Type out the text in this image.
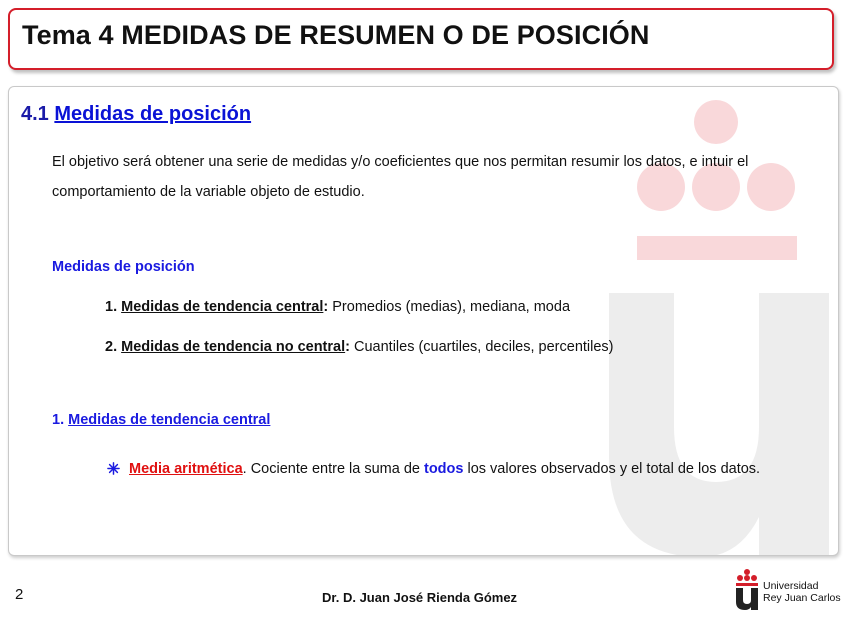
Tema 4 MEDIDAS DE RESUMEN O DE POSICIÓN
4.1 Medidas de posición
El objetivo será obtener una serie de medidas y/o coeficientes que nos permitan resumir los datos, e intuir el comportamiento de la variable objeto de estudio.
Medidas de posición
1. Medidas de tendencia central: Promedios (medias), mediana, moda
2. Medidas de tendencia no central: Cuantiles (cuartiles, deciles, percentiles)
1. Medidas de tendencia central
Media aritmética. Cociente entre la suma de todos los valores observados y el total de los datos.
2	Dr. D. Juan José Rienda Gómez
Universidad
Rey Juan Carlos
